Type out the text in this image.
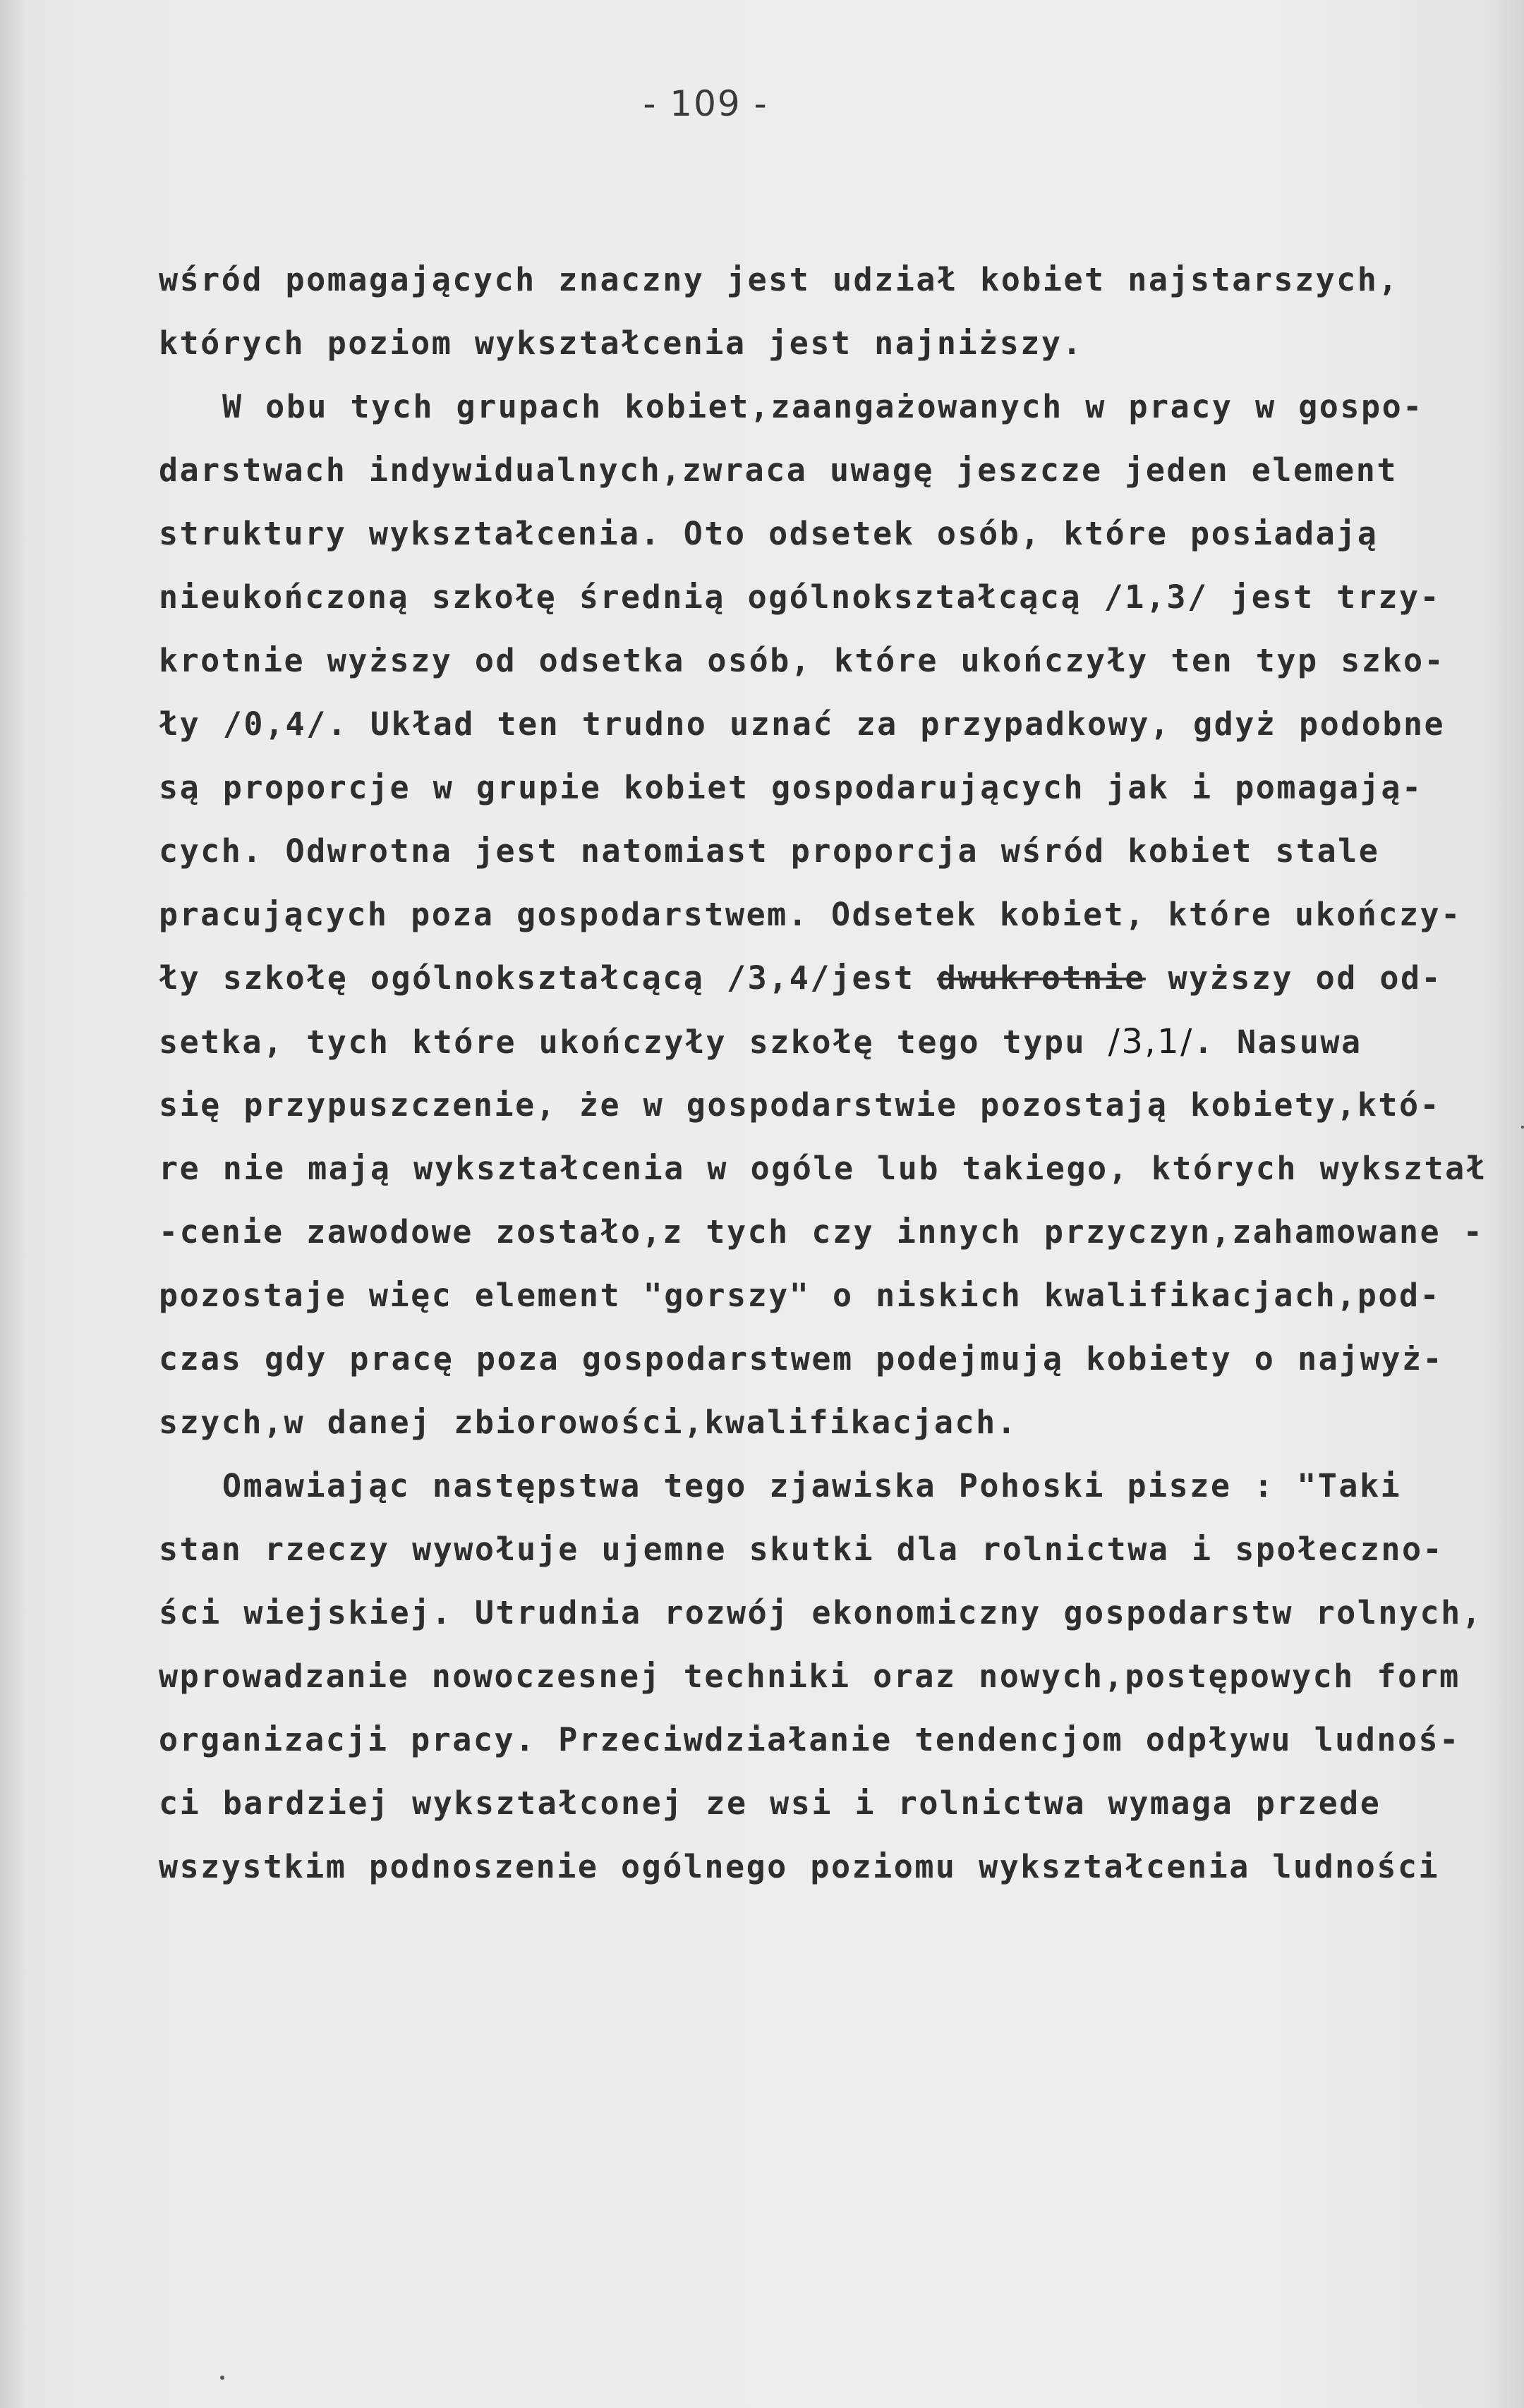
- 109 -
wśród pomagających znaczny jest udział kobiet najstarszych,
których poziom wykształcenia jest najniższy.
W obu tych grupach kobiet,zaangażowanych w pracy w gospo-
darstwach indywidualnych,zwraca uwagę jeszcze jeden element
struktury wykształcenia. Oto odsetek osób, które posiadają
nieukończoną szkołę średnią ogólnokształcącą /1,3/ jest trzy-
krotnie wyższy od odsetka osób, które ukończyły ten typ szko-
ły /0,4/. Układ ten trudno uznać za przypadkowy, gdyż podobne
są proporcje w grupie kobiet gospodarujących jak i pomagają-
cych. Odwrotna jest natomiast proporcja wśród kobiet stale
pracujących poza gospodarstwem. Odsetek kobiet, które ukończy-
ły szkołę ogólnokształcącą /3,4/jest dwukrotnie wyższy od od-
setka, tych które ukończyły szkołę tego typu /3,1/. Nasuwa
się przypuszczenie, że w gospodarstwie pozostają kobiety,któ-
re nie mają wykształcenia w ogóle lub takiego, których wykształ
-cenie zawodowe zostało,z tych czy innych przyczyn,zahamowane -
pozostaje więc element "gorszy" o niskich kwalifikacjach,pod-
czas gdy pracę poza gospodarstwem podejmują kobiety o najwyż-
szych,w danej zbiorowości,kwalifikacjach.
Omawiając następstwa tego zjawiska Pohoski pisze : "Taki
stan rzeczy wywołuje ujemne skutki dla rolnictwa i społeczno-
ści wiejskiej. Utrudnia rozwój ekonomiczny gospodarstw rolnych,
wprowadzanie nowoczesnej techniki oraz nowych,postępowych form
organizacji pracy. Przeciwdziałanie tendencjom odpływu ludnoś-
ci bardziej wykształconej ze wsi i rolnictwa wymaga przede
wszystkim podnoszenie ogólnego poziomu wykształcenia ludności
